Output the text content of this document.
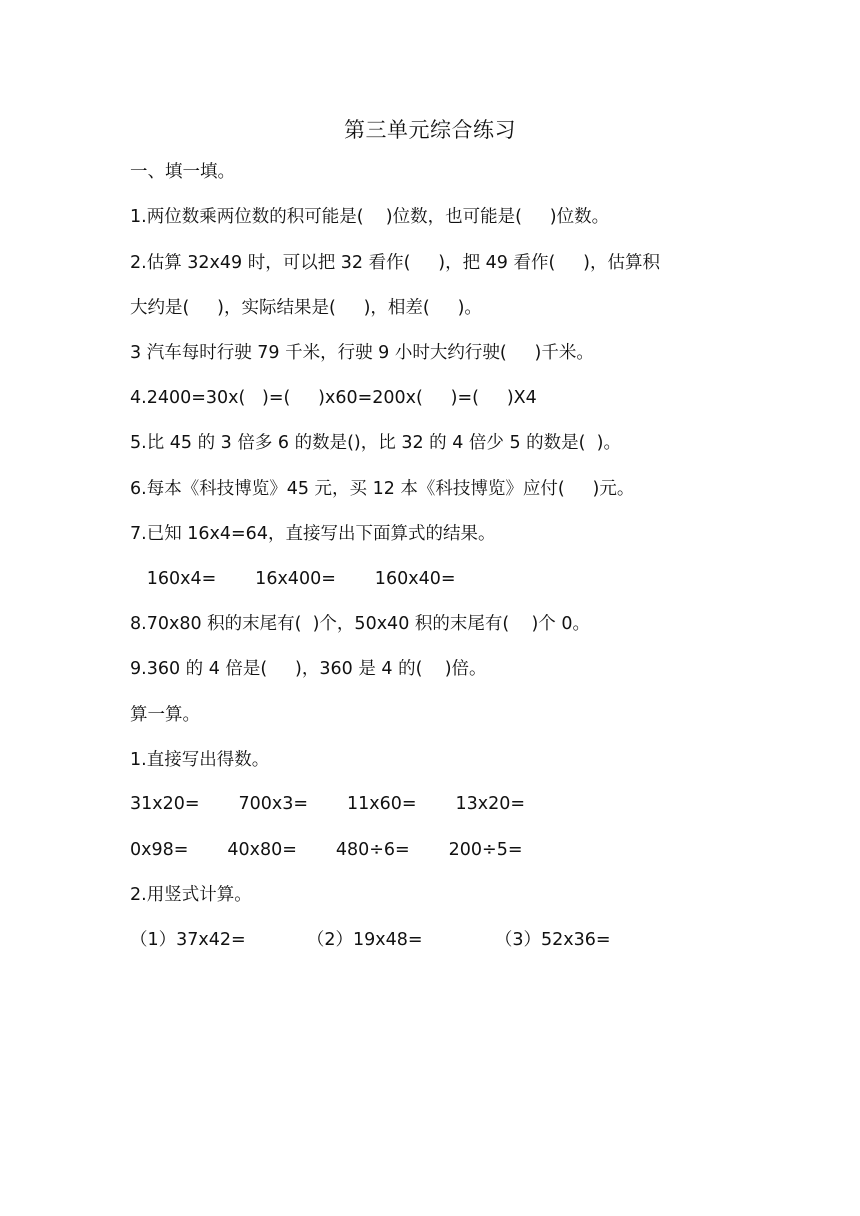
第三单元综合练习
一、填一填。
1.两位数乘两位数的积可能是(    )位数，也可能是(     )位数。
2.估算 32x49 时，可以把 32 看作(     )，把 49 看作(     )，估算积
大约是(     )，实际结果是(     )，相差(     )。
3 汽车每时行驶 79 千米，行驶 9 小时大约行驶(     )千米。
4.2400=30x(   )=(     )x60=200x(     )=(     )X4
5.比 45 的 3 倍多 6 的数是()，比 32 的 4 倍少 5 的数是(  )。
6.每本《科技博览》45 元，买 12 本《科技博览》应付(     )元。
7.已知 16x4=64，直接写出下面算式的结果。
160x4=       16x400=       160x40=
8.70x80 积的末尾有(  )个，50x40 积的末尾有(    )个 0。
9.360 的 4 倍是(     )，360 是 4 的(    )倍。
算一算。
1.直接写出得数。
31x20=       700x3=       11x60=       13x20=
0x98=       40x80=       480÷6=       200÷5=
2.用竖式计算。
（1）37x42=           （2）19x48=             （3）52x36=
